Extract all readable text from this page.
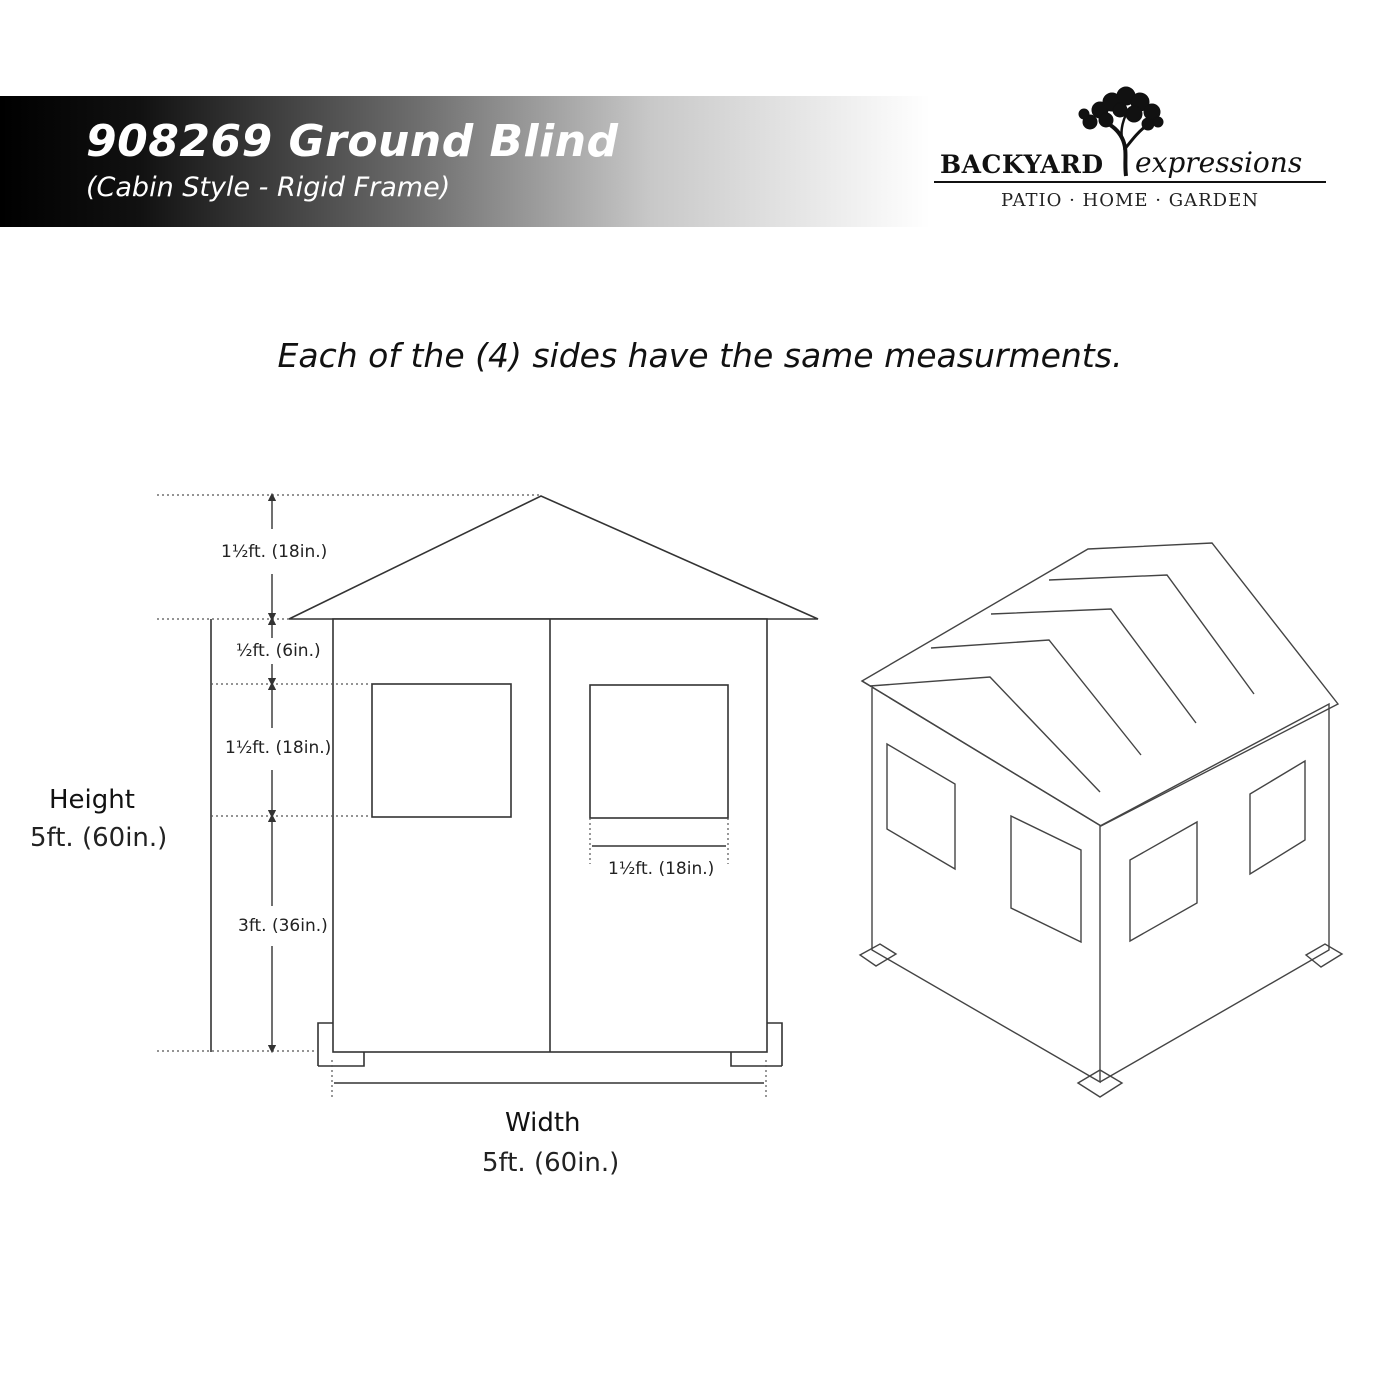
908269 Ground Blind
(Cabin Style - Rigid Frame)
BACKYARD expressions
PATIO · HOME · GARDEN
Each of the (4) sides have the same measurments.
1½ft. (18in.)
½ft. (6in.)
1½ft. (18in.)
3ft. (36in.)
1½ft. (18in.)
Height
5ft. (60in.)
Width
5ft. (60in.)
